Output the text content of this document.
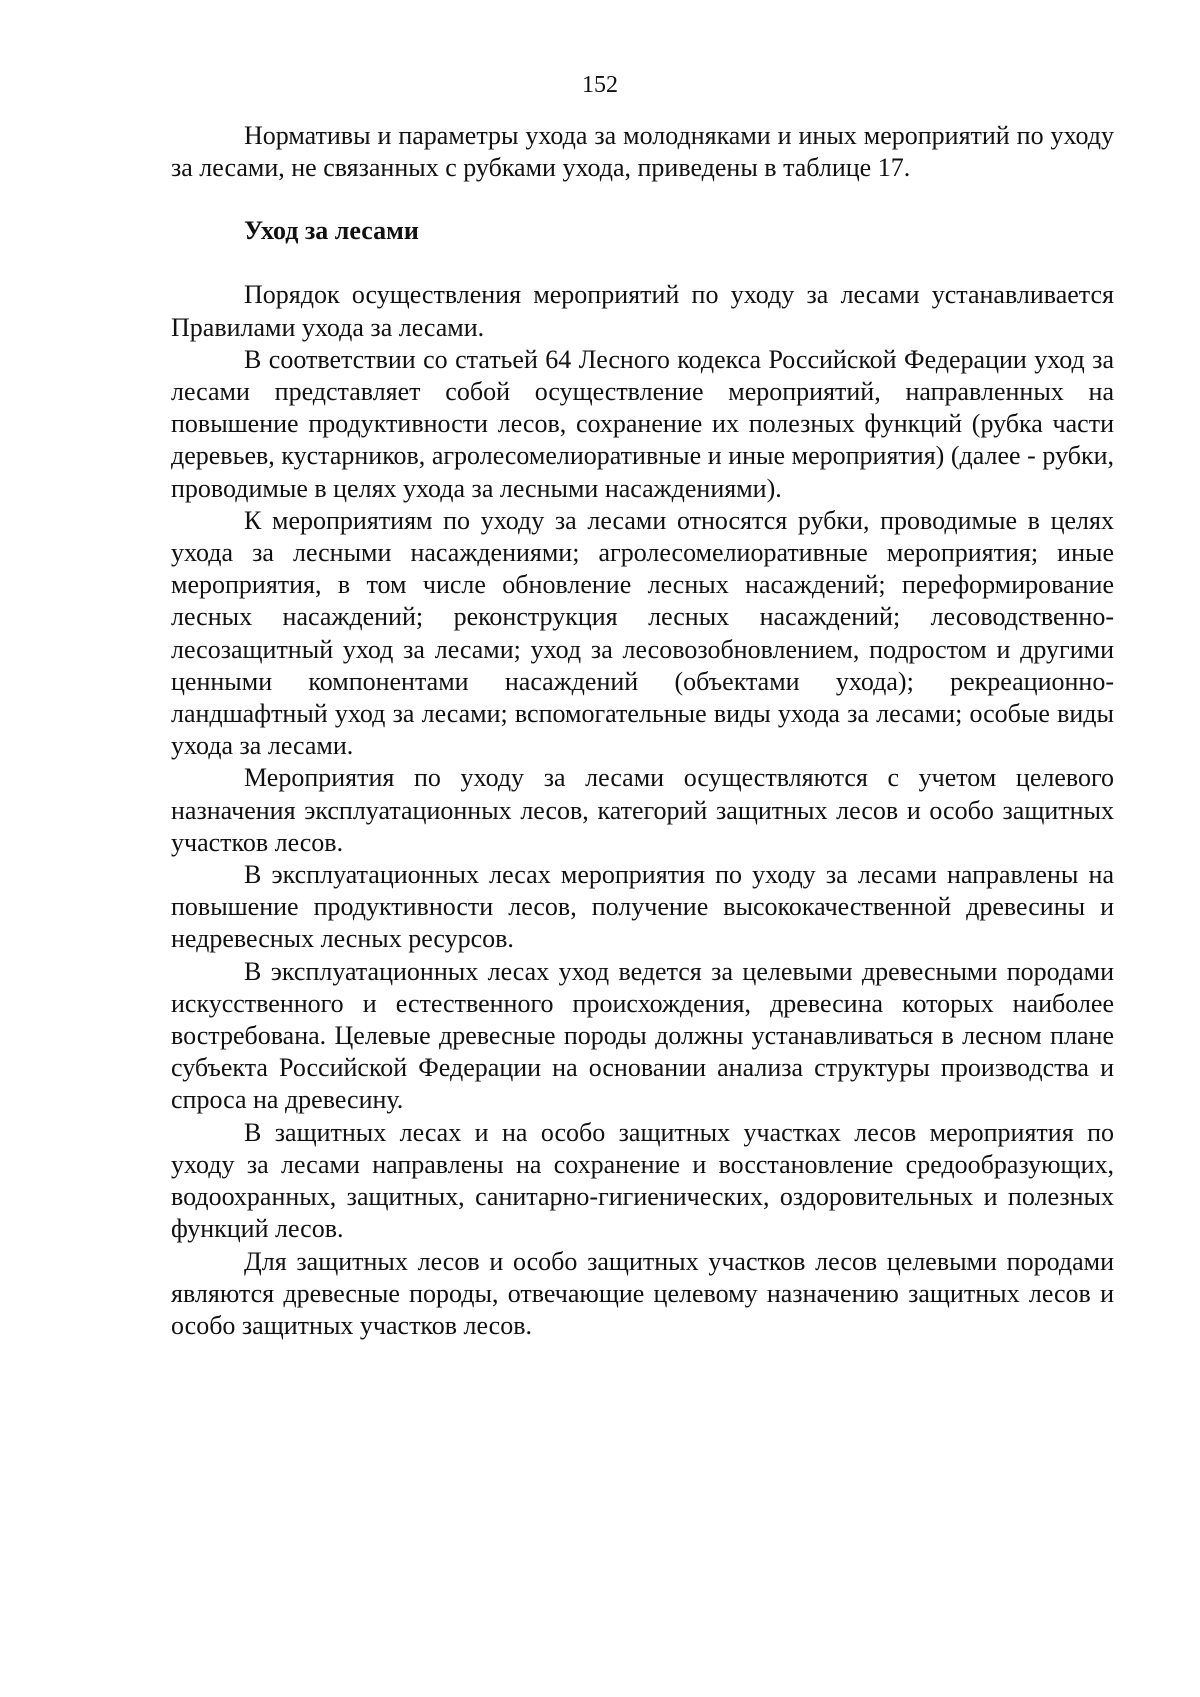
152

Нормативы и параметры ухода за молодняками и иных мероприятий по уходу за лесами, не связанных с рубками ухода, приведены в таблице 17.

Уход за лесами

Порядок осуществления мероприятий по уходу за лесами устанавливается Правилами ухода за лесами.

В соответствии со статьей 64 Лесного кодекса Российской Федерации уход за лесами представляет собой осуществление мероприятий, направленных на повышение продуктивности лесов, сохранение их полезных функций (рубка части деревьев, кустарников, агролесомелиоративные и иные мероприятия) (далее - рубки, проводимые в целях ухода за лесными насаждениями).

К мероприятиям по уходу за лесами относятся рубки, проводимые в целях ухода за лесными насаждениями; агролесомелиоративные мероприятия; иные мероприятия, в том числе обновление лесных насаждений; переформирование лесных насаждений; реконструкция лесных насаждений; лесоводственно-лесозащитный уход за лесами; уход за лесовозобновлением, подростом и другими ценными компонентами насаждений (объектами ухода); рекреационно-ландшафтный уход за лесами; вспомогательные виды ухода за лесами; особые виды ухода за лесами.

Мероприятия по уходу за лесами осуществляются с учетом целевого назначения эксплуатационных лесов, категорий защитных лесов и особо защитных участков лесов.

В эксплуатационных лесах мероприятия по уходу за лесами направлены на повышение продуктивности лесов, получение высококачественной древесины и недревесных лесных ресурсов.

В эксплуатационных лесах уход ведется за целевыми древесными породами искусственного и естественного происхождения, древесина которых наиболее востребована. Целевые древесные породы должны устанавливаться в лесном плане субъекта Российской Федерации на основании анализа структуры производства и спроса на древесину.

В защитных лесах и на особо защитных участках лесов мероприятия по уходу за лесами направлены на сохранение и восстановление средообразующих, водоохранных, защитных, санитарно-гигиенических, оздоровительных и полезных функций лесов.

Для защитных лесов и особо защитных участков лесов целевыми породами являются древесные породы, отвечающие целевому назначению защитных лесов и особо защитных участков лесов.
